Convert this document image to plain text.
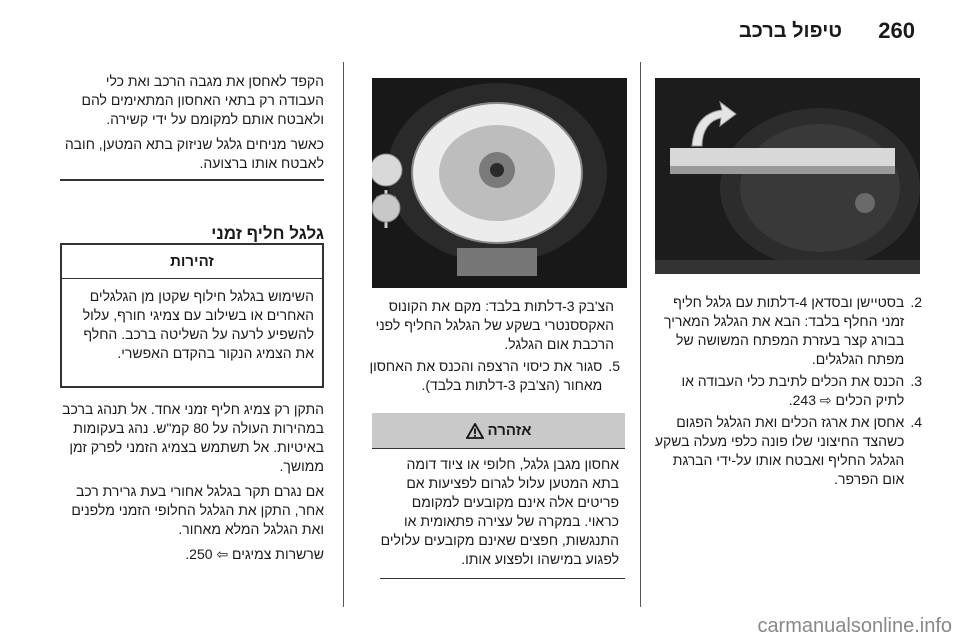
טיפול ברכב 260

2.
בסטיישן ובסדאן 4-דלתות עם גלגל חליף זמני החלף בלבד: הבא את הגלגל המאריך בבורג קצר בעזרת המפתח המשושה של מפתח הגלגלים.

3.
הכנס את הכלים לתיבת כלי העבודה או לתיק הכלים ⇨ 243.

4.
אחסן את ארגז הכלים ואת הגלגל הפגום כשהצד החיצוני שלו פונה כלפי מעלה בשקע הגלגל החליף ואבטח אותו על-ידי הברגת אום הפרפר.

הצ'בק 3-דלתות בלבד: מקם את הקונוס האקססנטרי בשקע של הגלגל החליף לפני הרכבת אום הגלגל.

5.
סגור את כיסוי הרצפה והכנס את האחסון מאחור (הצ'בק 3-דלתות בלבד).

אזהרה
אחסון מגבן גלגל, חלופי או ציוד דומה בתא המטען עלול לגרום לפציעות אם פריטים אלה אינם מקובעים למקומם כראוי. במקרה של עצירה פתאומית או התנגשות, חפצים שאינם מקובעים עלולים לפגוע במישהו ולפצוע אותו.

הקפד לאחסן את מגבה הרכב ואת כלי העבודה רק בתאי האחסון המתאימים להם ולאבטח אותם למקומם על ידי קשירה.

כאשר מניחים גלגל שניזוק בתא המטען, חובה לאבטח אותו ברצועה.

גלגל חליף זמני
זהירות
השימוש בגלגל חילוף שקטן מן הגלגלים האחרים או בשילוב עם צמיגי חורף, עלול להשפיע לרעה על השליטה ברכב. החלף את הצמיג הנקור בהקדם האפשרי.

התקן רק צמיג חליף זמני אחד. אל תנהג ברכב במהירות העולה על 80 קמ"ש. נהג בעקומות באיטיות. אל תשתמש בצמיג הזמני לפרק זמן ממושך.

אם נגרם תקר בגלגל אחורי בעת גרירת רכב אחר, התקן את הגלגל החלופי הזמני מלפנים ואת הגלגל המלא מאחור.

שרשרות צמיגים ⇦ 250.

carmanualsonline.info
